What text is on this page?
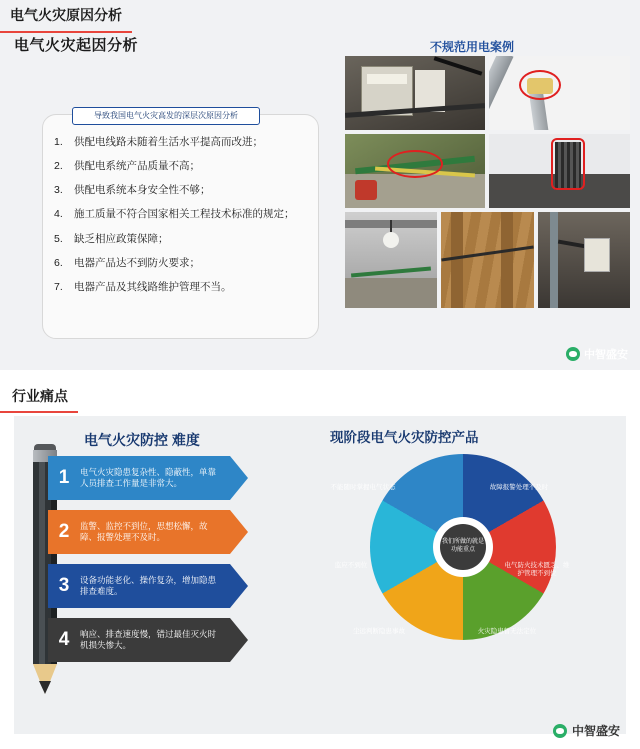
电气火灾原因分析
电气火灾起因分析	不规范用电案例
导致我国电气火灾高发的深层次原因分析
1.	供配电线路未随着生活水平提高而改进；
2.	供配电系统产品质量不高；
3.	供配电系统本身安全性不够；
4.	施工质量不符合国家相关工程技术标准的规定；
5.	缺乏相应政策保障；
6.	电器产品达不到防火要求；
7.	电器产品及其线路维护管理不当。
中智盛安
行业痛点
电气火灾防控 难度	现阶段电气火灾防控产品
1	电气火灾隐患复杂性、隐蔽性，单靠人员排查工作量是非常大。
2	监警、监控不到位，思想松懈，故障、报警处理不及时。
3	设备功能老化、操作复杂，增加隐患排查难度。
4	响应、排查速度慢，错过最佳灭火时机损失惨大。
我们所做的就是功能重点
不能随时掌握电气状态	故障报警处理不及时
电气防火技术匮乏、维护管理不到位
火灾隐患暂无法定位
尘远判断隐患事故
监应不到位
中智盛安
